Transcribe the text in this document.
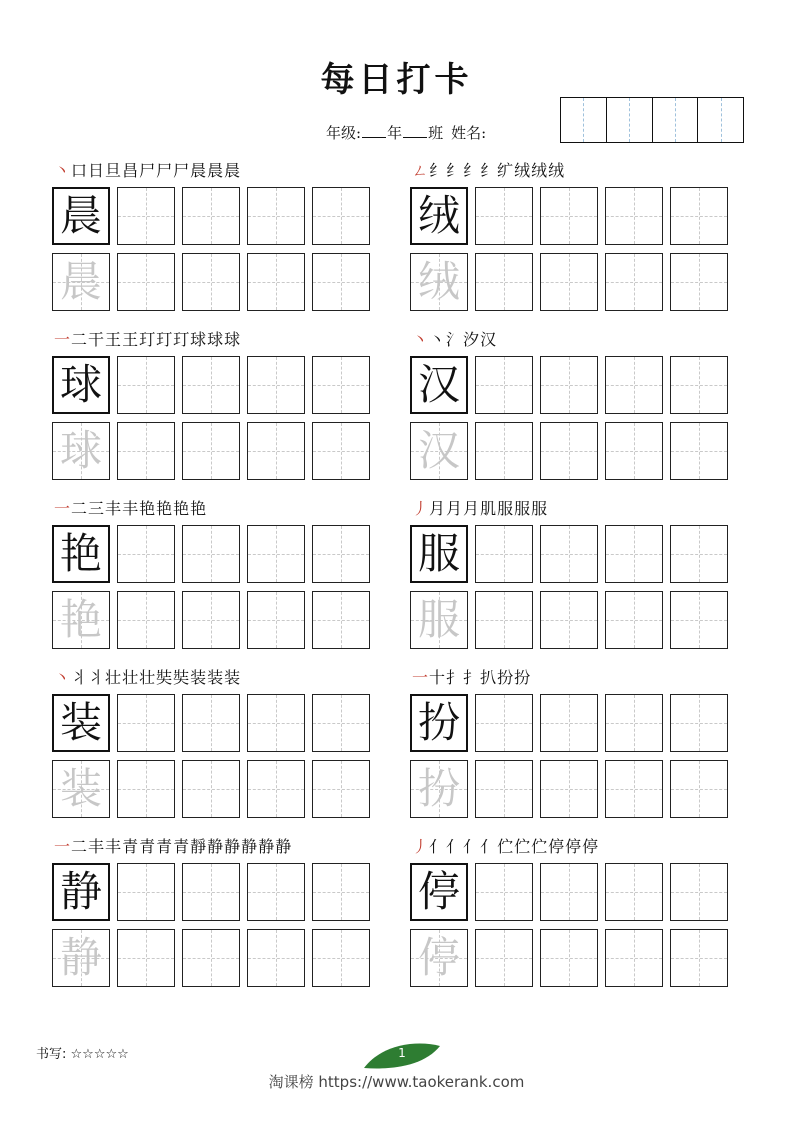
每日打卡
年级: 年 班 姓名:
丶口日旦昌尸尸尸晨晨晨
晨
晨
ㄥ纟纟纟纟纩绒绒绒
绒
绒
一二干王王玎玎玎球球球
球
球
丶丶氵汐汉
汉
汉
一二三丰丰艳艳艳艳
艳
艳
丿月月月肌服服服
服
服
丶丬丬壮壮壮奘奘装装装
装
装
一十扌扌扒扮扮
扮
扮
一二丰丰青青青青靜静静静静静
静
静
丿亻亻亻亻伫伫伫停停停
停
停
书写: ☆☆☆☆☆	1
淘课榜 https://www.taokerank.com
